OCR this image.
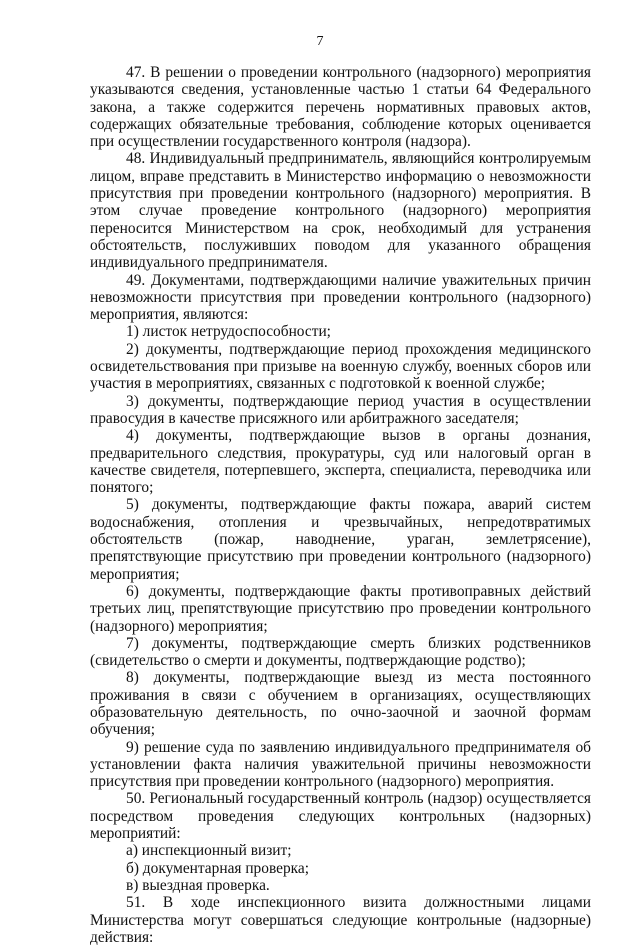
7

47. В решении о проведении контрольного (надзорного) мероприятия указываются сведения, установленные частью 1 статьи 64 Федерального закона, а также содержится перечень нормативных правовых актов, содержащих обязательные требования, соблюдение которых оценивается при осуществлении государственного контроля (надзора).

48. Индивидуальный предприниматель, являющийся контролируемым лицом, вправе представить в Министерство информацию о невозможности присутствия при проведении контрольного (надзорного) мероприятия. В этом случае проведение контрольного (надзорного) мероприятия переносится Министерством на срок, необходимый для устранения обстоятельств, послуживших поводом для указанного обращения индивидуального предпринимателя.

49. Документами, подтверждающими наличие уважительных причин невозможности присутствия при проведении контрольного (надзорного) мероприятия, являются:

1) листок нетрудоспособности;

2) документы, подтверждающие период прохождения медицинского освидетельствования при призыве на военную службу, военных сборов или участия в мероприятиях, связанных с подготовкой к военной службе;

3) документы, подтверждающие период участия в осуществлении правосудия в качестве присяжного или арбитражного заседателя;

4) документы, подтверждающие вызов в органы дознания, предварительного следствия, прокуратуры, суд или налоговый орган в качестве свидетеля, потерпевшего, эксперта, специалиста, переводчика или понятого;

5) документы, подтверждающие факты пожара, аварий систем водоснабжения, отопления и чрезвычайных, непредотвратимых обстоятельств (пожар, наводнение, ураган, землетрясение), препятствующие присутствию при проведении контрольного (надзорного) мероприятия;

6) документы, подтверждающие факты противоправных действий третьих лиц, препятствующие присутствию про проведении контрольного (надзорного) мероприятия;

7) документы, подтверждающие смерть близких родственников (свидетельство о смерти и документы, подтверждающие родство);

8) документы, подтверждающие выезд из места постоянного проживания в связи с обучением в организациях, осуществляющих образовательную деятельность, по очно-заочной и заочной формам обучения;

9) решение суда по заявлению индивидуального предпринимателя об установлении факта наличия уважительной причины невозможности присутствия при проведении контрольного (надзорного) мероприятия.

50. Региональный государственный контроль (надзор) осуществляется посредством проведения следующих контрольных (надзорных) мероприятий:

а) инспекционный визит;

б) документарная проверка;

в) выездная проверка.

51. В ходе инспекционного визита должностными лицами Министерства могут совершаться следующие контрольные (надзорные) действия:
